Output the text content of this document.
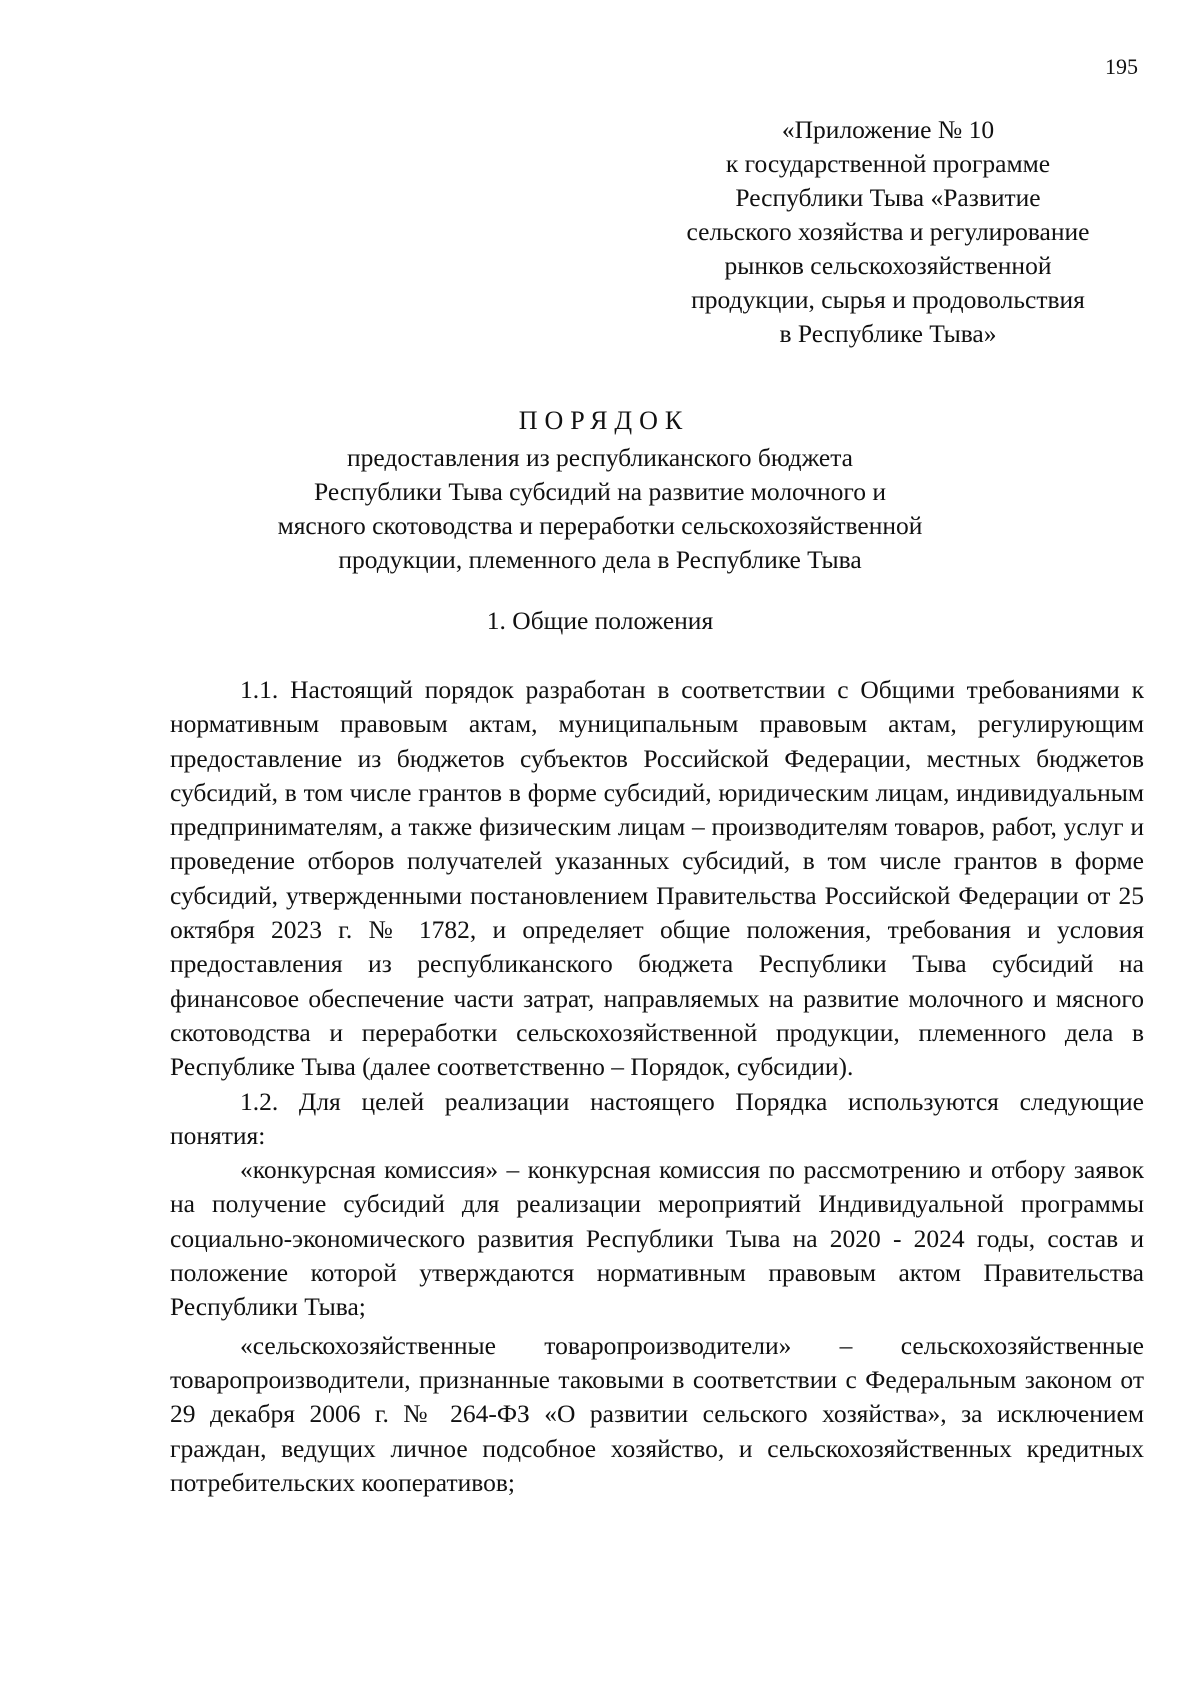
195
«Приложение № 10
к государственной программе
Республики Тыва «Развитие
сельского хозяйства и регулирование
рынков сельскохозяйственной
продукции, сырья и продовольствия
в Республике Тыва»
ПОРЯДОК
предоставления из республиканского бюджета
Республики Тыва субсидий на развитие молочного и
мясного скотоводства и переработки сельскохозяйственной
продукции, племенного дела в Республике Тыва
1. Общие положения

1.1. Настоящий порядок разработан в соответствии с Общими требованиями к нормативным правовым актам, муниципальным правовым актам, регулирующим предоставление из бюджетов субъектов Российской Федерации, местных бюджетов субсидий, в том числе грантов в форме субсидий, юридическим лицам, индивидуальным предпринимателям, а также физическим лицам – производителям товаров, работ, услуг и проведение отборов получателей указанных субсидий, в том числе грантов в форме субсидий, утвержденными постановлением Правительства Российской Федерации от 25 октября 2023 г. № 1782, и определяет общие положения, требования и условия предоставления из республиканского бюджета Республики Тыва субсидий на финансовое обеспечение части затрат, направляемых на развитие молочного и мясного скотоводства и переработки сельскохозяйственной продукции, племенного дела в Республике Тыва (далее соответственно – Порядок, субсидии).

1.2. Для целей реализации настоящего Порядка используются следующие понятия:

«конкурсная комиссия» – конкурсная комиссия по рассмотрению и отбору заявок на получение субсидий для реализации мероприятий Индивидуальной программы социально-экономического развития Республики Тыва на 2020 - 2024 годы, состав и положение которой утверждаются нормативным правовым актом Правительства Республики Тыва;

«сельскохозяйственные товаропроизводители» – сельскохозяйственные товаропроизводители, признанные таковыми в соответствии с Федеральным законом от 29 декабря 2006 г. № 264-ФЗ «О развитии сельского хозяйства», за исключением граждан, ведущих личное подсобное хозяйство, и сельскохозяйственных кредитных потребительских кооперативов;
